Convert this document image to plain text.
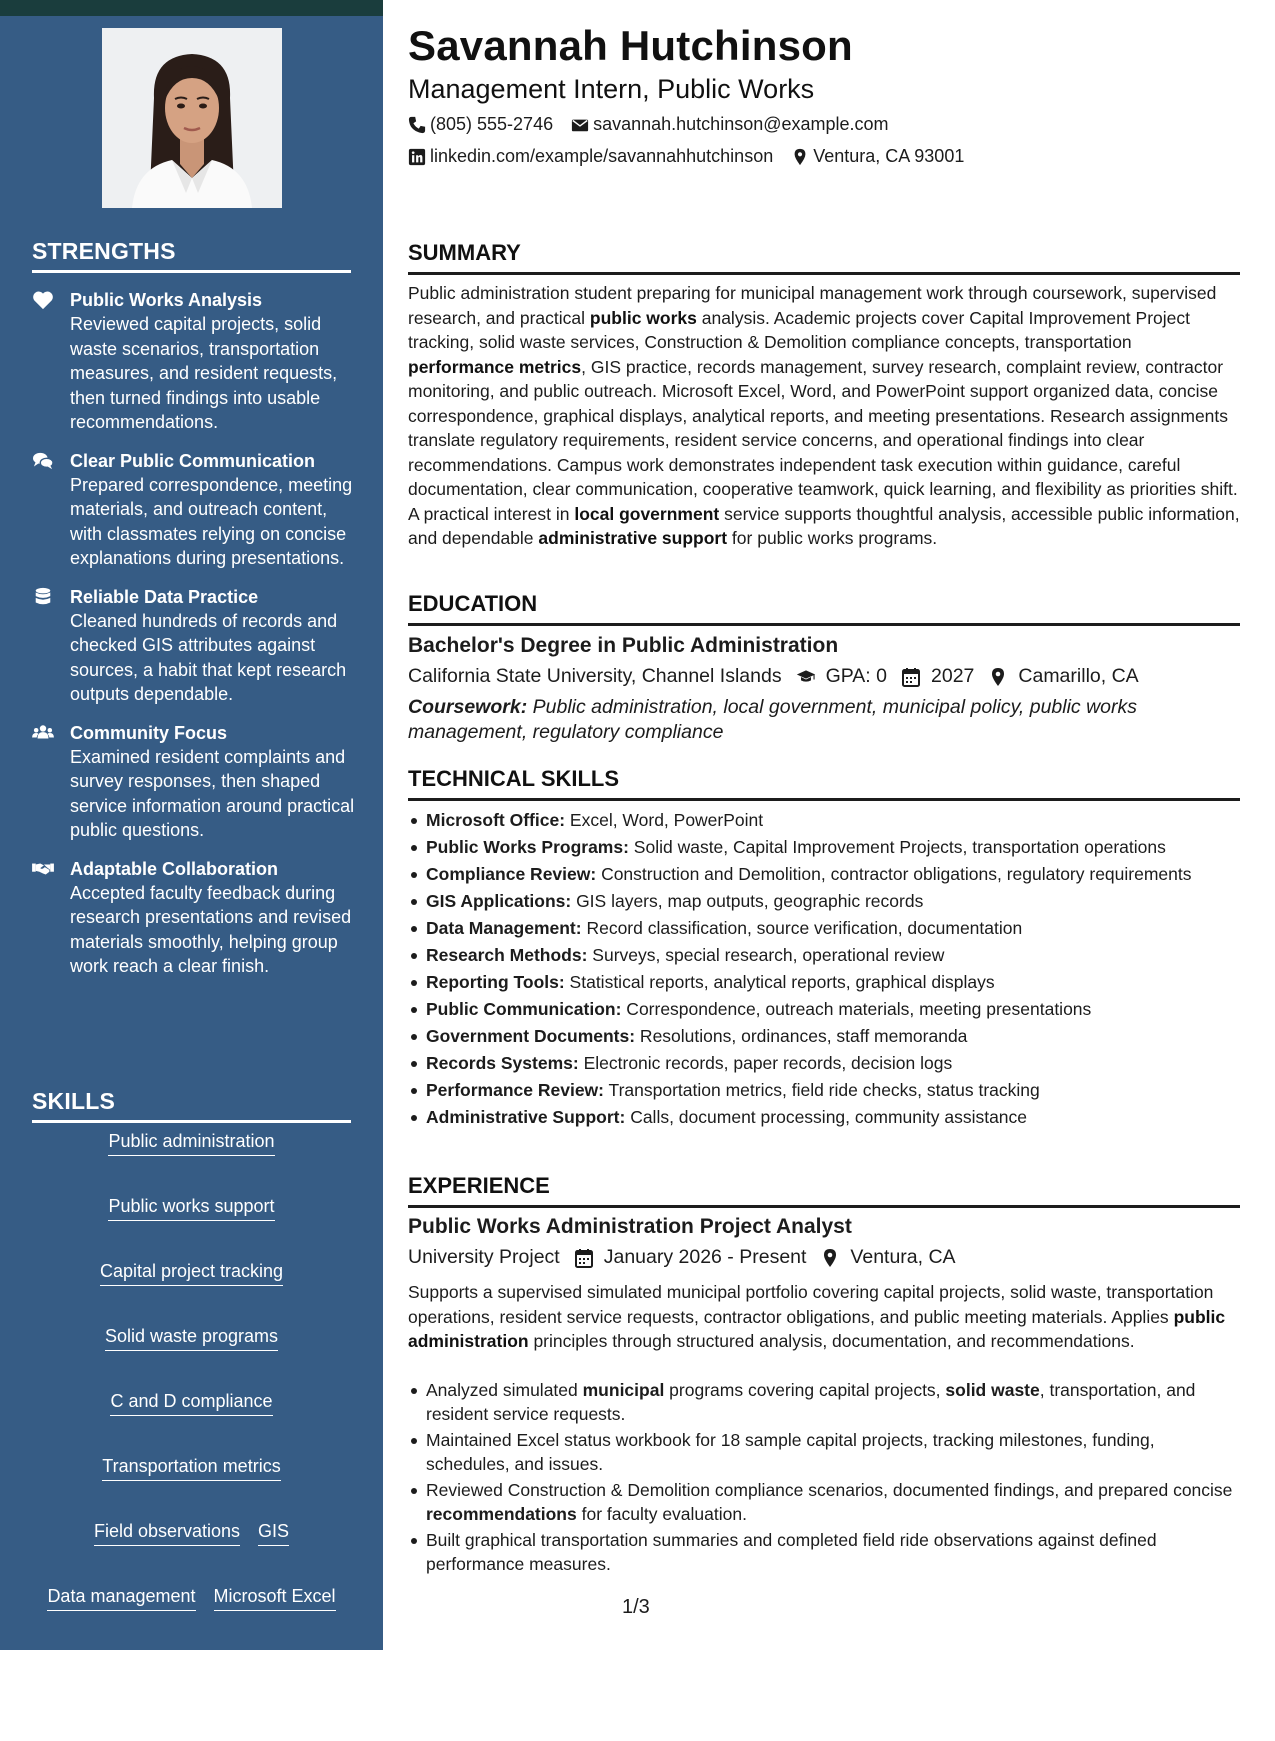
STRENGTHS
Public Works Analysis
Reviewed capital projects, solid waste scenarios, transportation measures, and resident requests, then turned findings into usable recommendations.
Clear Public Communication
Prepared correspondence, meeting materials, and outreach content, with classmates relying on concise explanations during presentations.
Reliable Data Practice
Cleaned hundreds of records and checked GIS attributes against sources, a habit that kept research outputs dependable.
Community Focus
Examined resident complaints and survey responses, then shaped service information around practical public questions.
Adaptable Collaboration
Accepted faculty feedback during research presentations and revised materials smoothly, helping group work reach a clear finish.
SKILLS
Public administration
Public works support
Capital project tracking
Solid waste programs
C and D compliance
Transportation metrics
Field observations GIS
Data management Microsoft Excel
Analytical reports Survey research
Public outreach
Savannah Hutchinson
Management Intern, Public Works
(805) 555-2746 savannah.hutchinson@example.com
linkedin.com/example/savannahhutchinson Ventura, CA 93001
SUMMARY
Public administration student preparing for municipal management work through coursework, supervised research, and practical public works analysis. Academic projects cover Capital Improvement Project tracking, solid waste services, Construction & Demolition compliance concepts, transportation performance metrics, GIS practice, records management, survey research, complaint review, contractor monitoring, and public outreach. Microsoft Excel, Word, and PowerPoint support organized data, concise correspondence, graphical displays, analytical reports, and meeting presentations. Research assignments translate regulatory requirements, resident service concerns, and operational findings into clear recommendations. Campus work demonstrates independent task execution within guidance, careful documentation, clear communication, cooperative teamwork, quick learning, and flexibility as priorities shift. A practical interest in local government service supports thoughtful analysis, accessible public information, and dependable administrative support for public works programs.
EDUCATION
Bachelor's Degree in Public Administration
California State University, Channel Islands GPA: 0 2027 Camarillo, CA
Coursework: Public administration, local government, municipal policy, public works management, regulatory compliance
TECHNICAL SKILLS
Microsoft Office: Excel, Word, PowerPoint
Public Works Programs: Solid waste, Capital Improvement Projects, transportation operations
Compliance Review: Construction and Demolition, contractor obligations, regulatory requirements
GIS Applications: GIS layers, map outputs, geographic records
Data Management: Record classification, source verification, documentation
Research Methods: Surveys, special research, operational review
Reporting Tools: Statistical reports, analytical reports, graphical displays
Public Communication: Correspondence, outreach materials, meeting presentations
Government Documents: Resolutions, ordinances, staff memoranda
Records Systems: Electronic records, paper records, decision logs
Performance Review: Transportation metrics, field ride checks, status tracking
Administrative Support: Calls, document processing, community assistance
EXPERIENCE
Public Works Administration Project Analyst
University Project January 2026 - Present Ventura, CA
Supports a supervised simulated municipal portfolio covering capital projects, solid waste, transportation operations, resident service requests, contractor obligations, and public meeting materials. Applies public administration principles through structured analysis, documentation, and recommendations.
Analyzed simulated municipal programs covering capital projects, solid waste, transportation, and resident service requests.
Maintained Excel status workbook for 18 sample capital projects, tracking milestones, funding, schedules, and issues.
Reviewed Construction & Demolition compliance scenarios, documented findings, and prepared concise recommendations for faculty evaluation.
Built graphical transportation summaries and completed field ride observations against defined performance measures.
1/3
